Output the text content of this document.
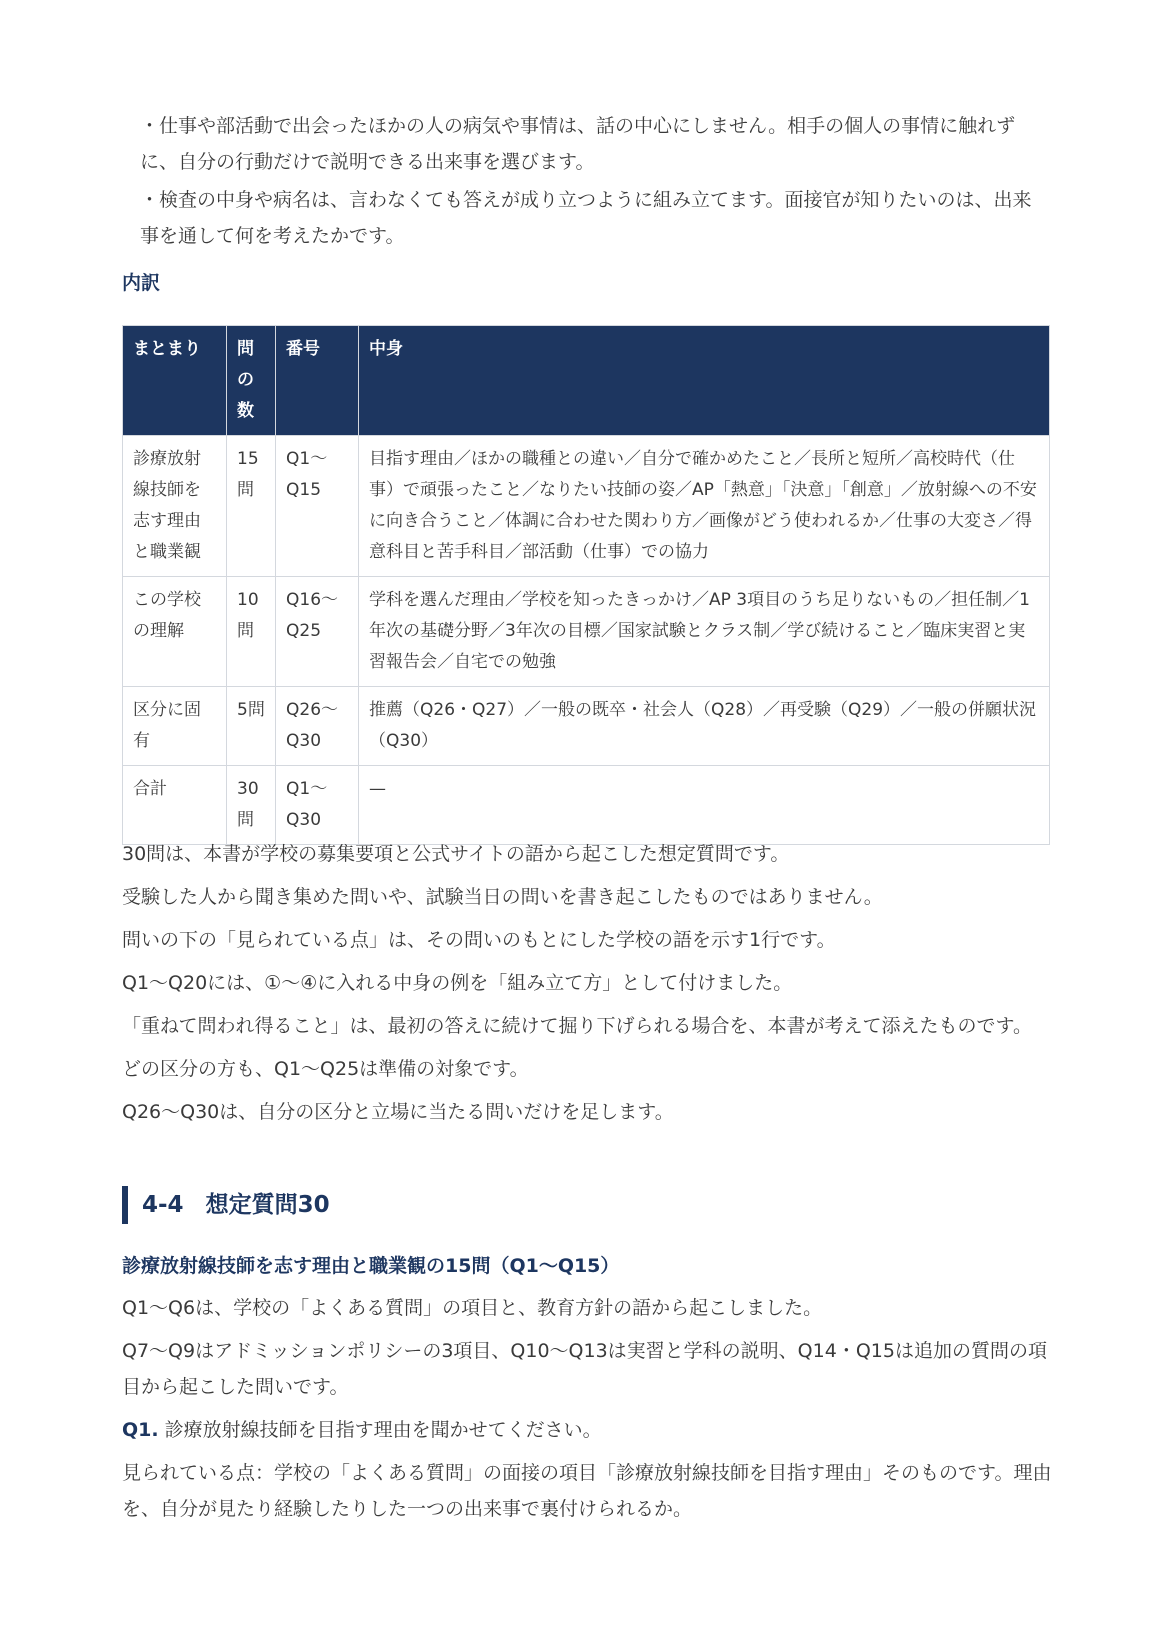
・仕事や部活動で出会ったほかの人の病気や事情は、話の中心にしません。相手の個人の事情に触れずに、自分の行動だけで説明できる出来事を選びます。

・検査の中身や病名は、言わなくても答えが成り立つように組み立てます。面接官が知りたいのは、出来事を通して何を考えたかです。

内訳
まとまり	問の数	番号	中身
診療放射線技師を志す理由と職業観	15問	Q1〜Q15	目指す理由／ほかの職種との違い／自分で確かめたこと／長所と短所／高校時代（仕事）で頑張ったこと／なりたい技師の姿／AP「熱意」「決意」「創意」／放射線への不安に向き合うこと／体調に合わせた関わり方／画像がどう使われるか／仕事の大変さ／得意科目と苦手科目／部活動（仕事）での協力
この学校の理解	10問	Q16〜Q25	学科を選んだ理由／学校を知ったきっかけ／AP 3項目のうち足りないもの／担任制／1年次の基礎分野／3年次の目標／国家試験とクラス制／学び続けること／臨床実習と実習報告会／自宅での勉強
区分に固有	5問	Q26〜Q30	推薦（Q26・Q27）／一般の既卒・社会人（Q28）／再受験（Q29）／一般の併願状況（Q30）
合計	30問	Q1〜Q30	—

30問は、本書が学校の募集要項と公式サイトの語から起こした想定質問です。

受験した人から聞き集めた問いや、試験当日の問いを書き起こしたものではありません。

問いの下の「見られている点」は、その問いのもとにした学校の語を示す1行です。

Q1〜Q20には、①〜④に入れる中身の例を「組み立て方」として付けました。

「重ねて問われ得ること」は、最初の答えに続けて掘り下げられる場合を、本書が考えて添えたものです。

どの区分の方も、Q1〜Q25は準備の対象です。

Q26〜Q30は、自分の区分と立場に当たる問いだけを足します。

4-4 想定質問30
診療放射線技師を志す理由と職業観の15問（Q1〜Q15）

Q1〜Q6は、学校の「よくある質問」の項目と、教育方針の語から起こしました。

Q7〜Q9はアドミッションポリシーの3項目、Q10〜Q13は実習と学科の説明、Q14・Q15は追加の質問の項目から起こした問いです。

Q1. 診療放射線技師を目指す理由を聞かせてください。

見られている点：学校の「よくある質問」の面接の項目「診療放射線技師を目指す理由」そのものです。理由を、自分が見たり経験したりした一つの出来事で裏付けられるか。
